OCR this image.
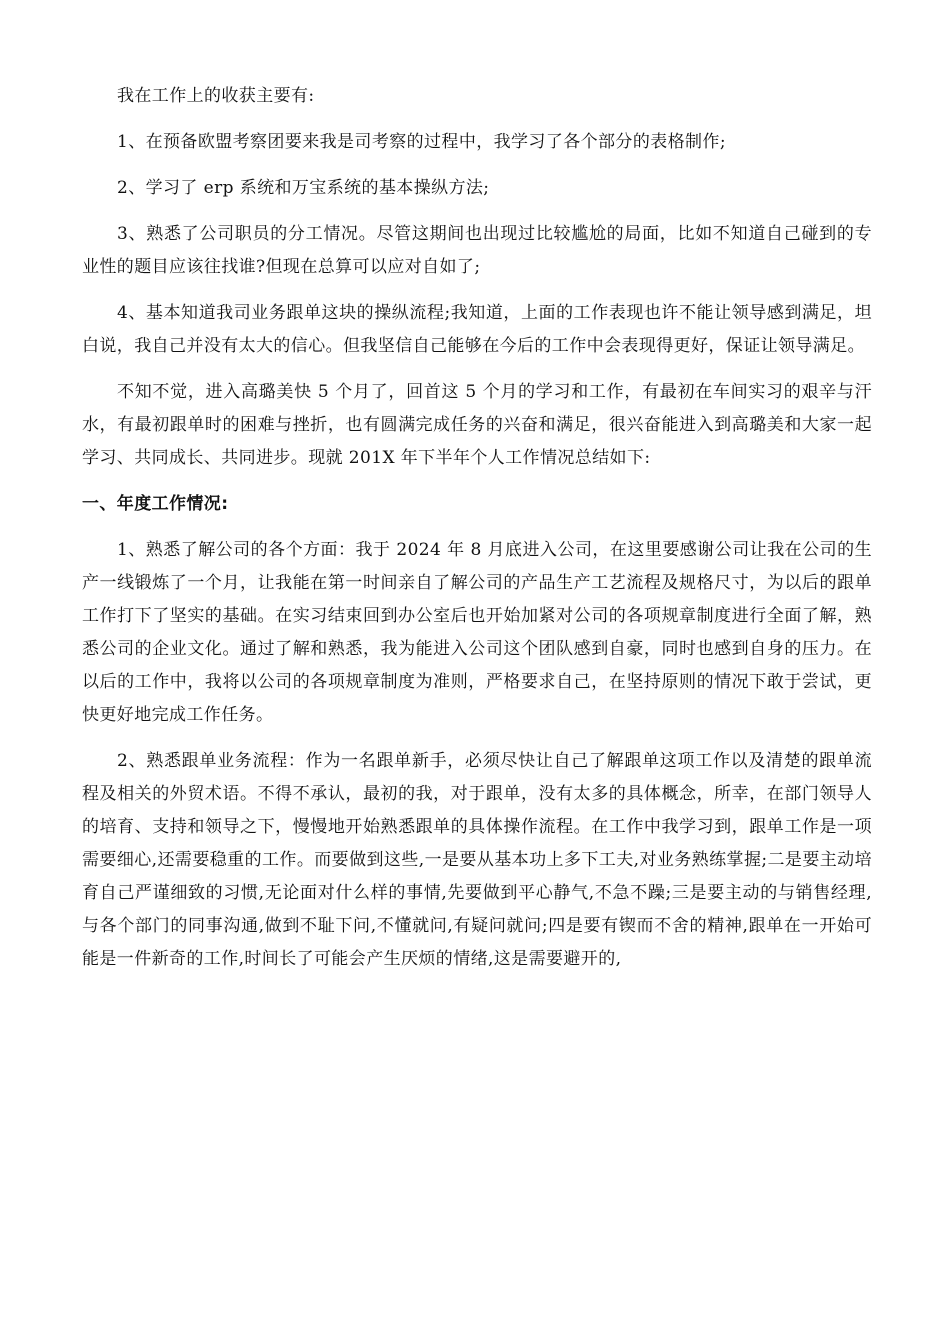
我在工作上的收获主要有:

1、在预备欧盟考察团要来我是司考察的过程中，我学习了各个部分的表格制作;

2、学习了 erp 系统和万宝系统的基本操纵方法;

3、熟悉了公司职员的分工情况。尽管这期间也出现过比较尴尬的局面，比如不知道自己碰到的专业性的题目应该往找谁?但现在总算可以应对自如了;

4、基本知道我司业务跟单这块的操纵流程;我知道，上面的工作表现也许不能让领导感到满足，坦白说，我自己并没有太大的信心。但我坚信自己能够在今后的工作中会表现得更好，保证让领导满足。

不知不觉，进入高璐美快 5 个月了，回首这 5 个月的学习和工作，有最初在车间实习的艰辛与汗水，有最初跟单时的困难与挫折，也有圆满完成任务的兴奋和满足，很兴奋能进入到高璐美和大家一起学习、共同成长、共同进步。现就 201X 年下半年个人工作情况总结如下:

一、年度工作情况:

1、熟悉了解公司的各个方面：我于 2024 年 8 月底进入公司，在这里要感谢公司让我在公司的生产一线锻炼了一个月，让我能在第一时间亲自了解公司的产品生产工艺流程及规格尺寸，为以后的跟单工作打下了坚实的基础。在实习结束回到办公室后也开始加紧对公司的各项规章制度进行全面了解，熟悉公司的企业文化。通过了解和熟悉，我为能进入公司这个团队感到自豪，同时也感到自身的压力。在以后的工作中，我将以公司的各项规章制度为准则，严格要求自己，在坚持原则的情况下敢于尝试，更快更好地完成工作任务。

2、熟悉跟单业务流程：作为一名跟单新手，必须尽快让自己了解跟单这项工作以及清楚的跟单流程及相关的外贸术语。不得不承认，最初的我，对于跟单，没有太多的具体概念，所幸，在部门领导人的培育、支持和领导之下，慢慢地开始熟悉跟单的具体操作流程。在工作中我学习到，跟单工作是一项需要细心,还需要稳重的工作。而要做到这些,一是要从基本功上多下工夫,对业务熟练掌握;二是要主动培育自己严谨细致的习惯,无论面对什么样的事情,先要做到平心静气,不急不躁;三是要主动的与销售经理,与各个部门的同事沟通,做到不耻下问,不懂就问,有疑问就问;四是要有锲而不舍的精神,跟单在一开始可能是一件新奇的工作,时间长了可能会产生厌烦的情绪,这是需要避开的,
